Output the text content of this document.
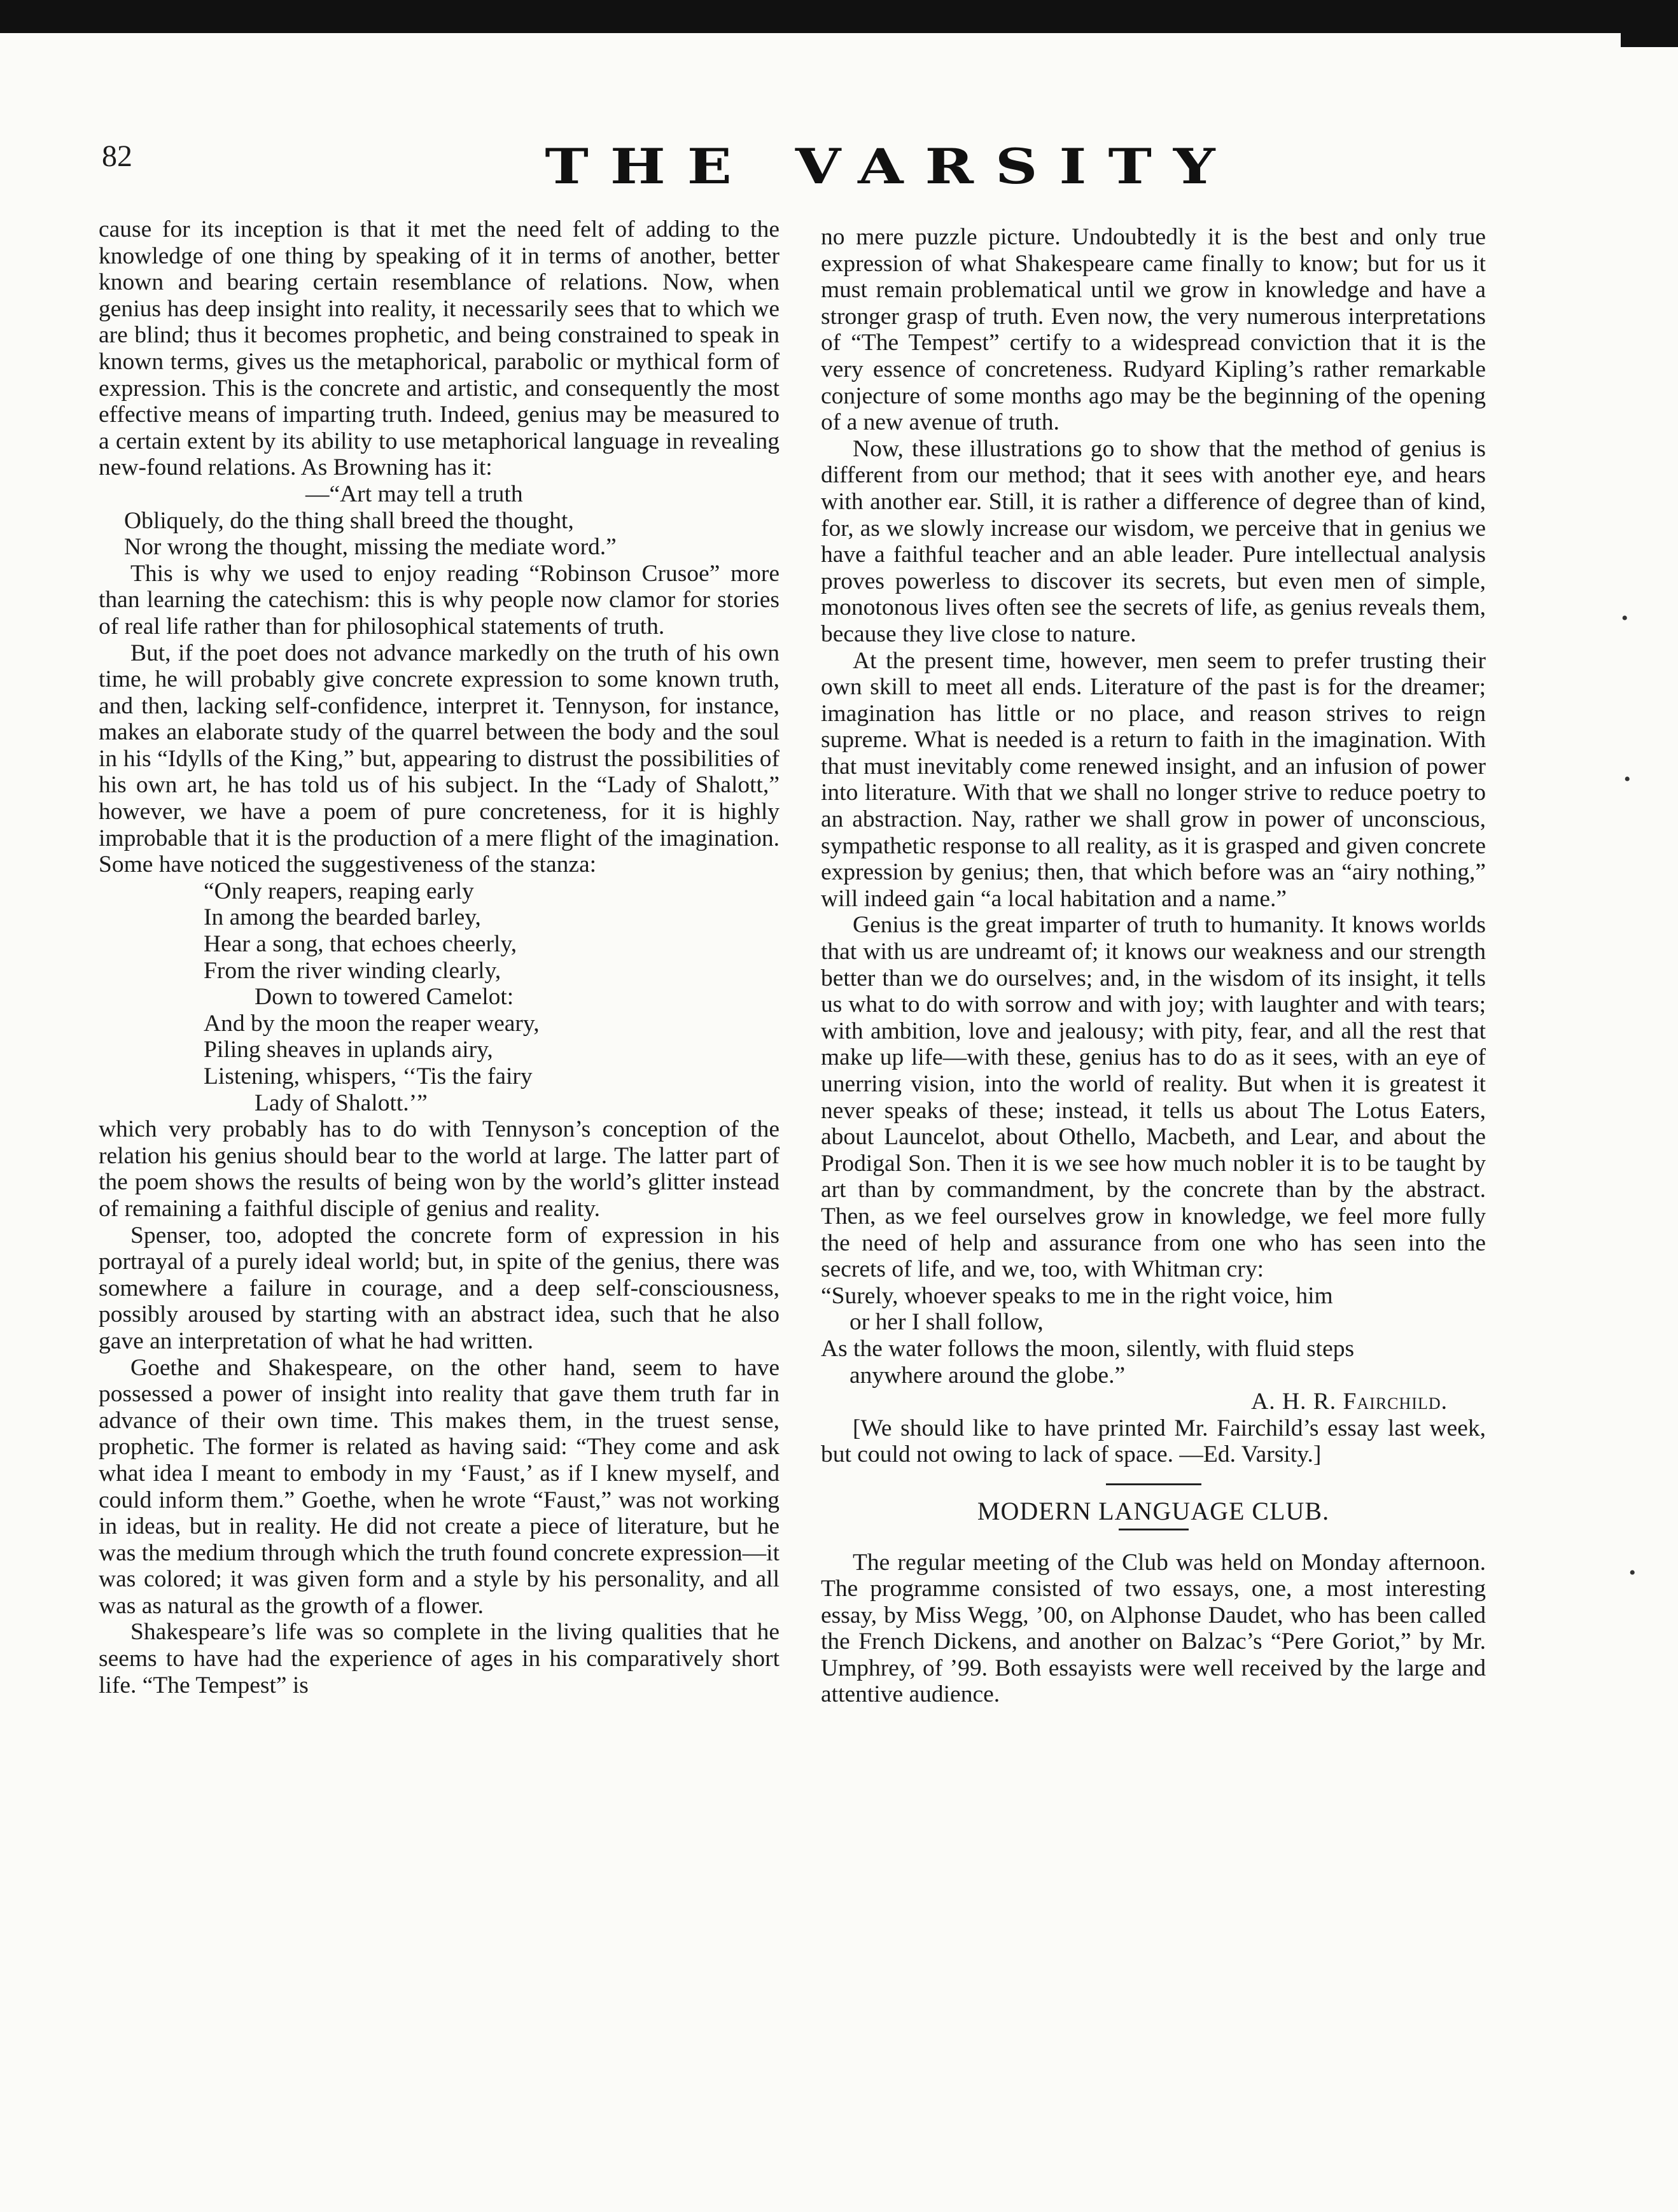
82	THE VARSITY

cause for its inception is that it met the need felt of adding to the knowledge of one thing by speaking of it in terms of another, better known and bearing certain resemblance of relations. Now, when genius has deep insight into reality, it necessarily sees that to which we are blind; thus it becomes prophetic, and being constrained to speak in known terms, gives us the metaphorical, parabolic or mythical form of expression. This is the concrete and artistic, and consequently the most effective means of imparting truth. Indeed, genius may be measured to a certain extent by its ability to use metaphorical language in revealing new-found relations. As Browning has it:

—“Art may tell a truth
Obliquely, do the thing shall breed the thought,
Nor wrong the thought, missing the mediate word.”

This is why we used to enjoy reading “Robinson Crusoe” more than learning the catechism: this is why people now clamor for stories of real life rather than for philosophical statements of truth.

But, if the poet does not advance markedly on the truth of his own time, he will probably give concrete expression to some known truth, and then, lacking self-confidence, interpret it. Tennyson, for instance, makes an elaborate study of the quarrel between the body and the soul in his “Idylls of the King,” but, appearing to distrust the possibilities of his own art, he has told us of his subject. In the “Lady of Shalott,” however, we have a poem of pure concreteness, for it is highly improbable that it is the production of a mere flight of the imagination. Some have noticed the suggestiveness of the stanza:

“Only reapers, reaping early
In among the bearded barley,
Hear a song, that echoes cheerly,
From the river winding clearly,
Down to towered Camelot:
And by the moon the reaper weary,
Piling sheaves in uplands airy,
Listening, whispers, ‘‘Tis the fairy
Lady of Shalott.’”

which very probably has to do with Tennyson’s conception of the relation his genius should bear to the world at large. The latter part of the poem shows the results of being won by the world’s glitter instead of remaining a faithful disciple of genius and reality.

Spenser, too, adopted the concrete form of expression in his portrayal of a purely ideal world; but, in spite of the genius, there was somewhere a failure in courage, and a deep self-consciousness, possibly aroused by starting with an abstract idea, such that he also gave an interpretation of what he had written.

Goethe and Shakespeare, on the other hand, seem to have possessed a power of insight into reality that gave them truth far in advance of their own time. This makes them, in the truest sense, prophetic. The former is related as having said: “They come and ask what idea I meant to embody in my ‘Faust,’ as if I knew myself, and could inform them.” Goethe, when he wrote “Faust,” was not working in ideas, but in reality. He did not create a piece of literature, but he was the medium through which the truth found concrete expression—it was colored; it was given form and a style by his personality, and all was as natural as the growth of a flower.

Shakespeare’s life was so complete in the living qualities that he seems to have had the experience of ages in his comparatively short life. “The Tempest” is

no mere puzzle picture. Undoubtedly it is the best and only true expression of what Shakespeare came finally to know; but for us it must remain problematical until we grow in knowledge and have a stronger grasp of truth. Even now, the very numerous interpretations of “The Tempest” certify to a widespread conviction that it is the very essence of concreteness. Rudyard Kipling’s rather remarkable conjecture of some months ago may be the beginning of the opening of a new avenue of truth.

Now, these illustrations go to show that the method of genius is different from our method; that it sees with another eye, and hears with another ear. Still, it is rather a difference of degree than of kind, for, as we slowly increase our wisdom, we perceive that in genius we have a faithful teacher and an able leader. Pure intellectual analysis proves powerless to discover its secrets, but even men of simple, monotonous lives often see the secrets of life, as genius reveals them, because they live close to nature.

At the present time, however, men seem to prefer trusting their own skill to meet all ends. Literature of the past is for the dreamer; imagination has little or no place, and reason strives to reign supreme. What is needed is a return to faith in the imagination. With that must inevitably come renewed insight, and an infusion of power into literature. With that we shall no longer strive to reduce poetry to an abstraction. Nay, rather we shall grow in power of unconscious, sympathetic response to all reality, as it is grasped and given concrete expression by genius; then, that which before was an “airy nothing,” will indeed gain “a local habitation and a name.”

Genius is the great imparter of truth to humanity. It knows worlds that with us are undreamt of; it knows our weakness and our strength better than we do ourselves; and, in the wisdom of its insight, it tells us what to do with sorrow and with joy; with laughter and with tears; with ambition, love and jealousy; with pity, fear, and all the rest that make up life—with these, genius has to do as it sees, with an eye of unerring vision, into the world of reality. But when it is greatest it never speaks of these; instead, it tells us about The Lotus Eaters, about Launcelot, about Othello, Macbeth, and Lear, and about the Prodigal Son. Then it is we see how much nobler it is to be taught by art than by commandment, by the concrete than by the abstract. Then, as we feel ourselves grow in knowledge, we feel more fully the need of help and assurance from one who has seen into the secrets of life, and we, too, with Whitman cry:

“Surely, whoever speaks to me in the right voice, him
or her I shall follow,
As the water follows the moon, silently, with fluid steps
anywhere around the globe.”

A. H. R. Fairchild.

[We should like to have printed Mr. Fairchild’s essay last week, but could not owing to lack of space. —Ed. Varsity.]

MODERN LANGUAGE CLUB.

The regular meeting of the Club was held on Monday afternoon. The programme consisted of two essays, one, a most interesting essay, by Miss Wegg, ’00, on Alphonse Daudet, who has been called the French Dickens, and another on Balzac’s “Pere Goriot,” by Mr. Umphrey, of ’99. Both essayists were well received by the large and attentive audience.

•
•
•
